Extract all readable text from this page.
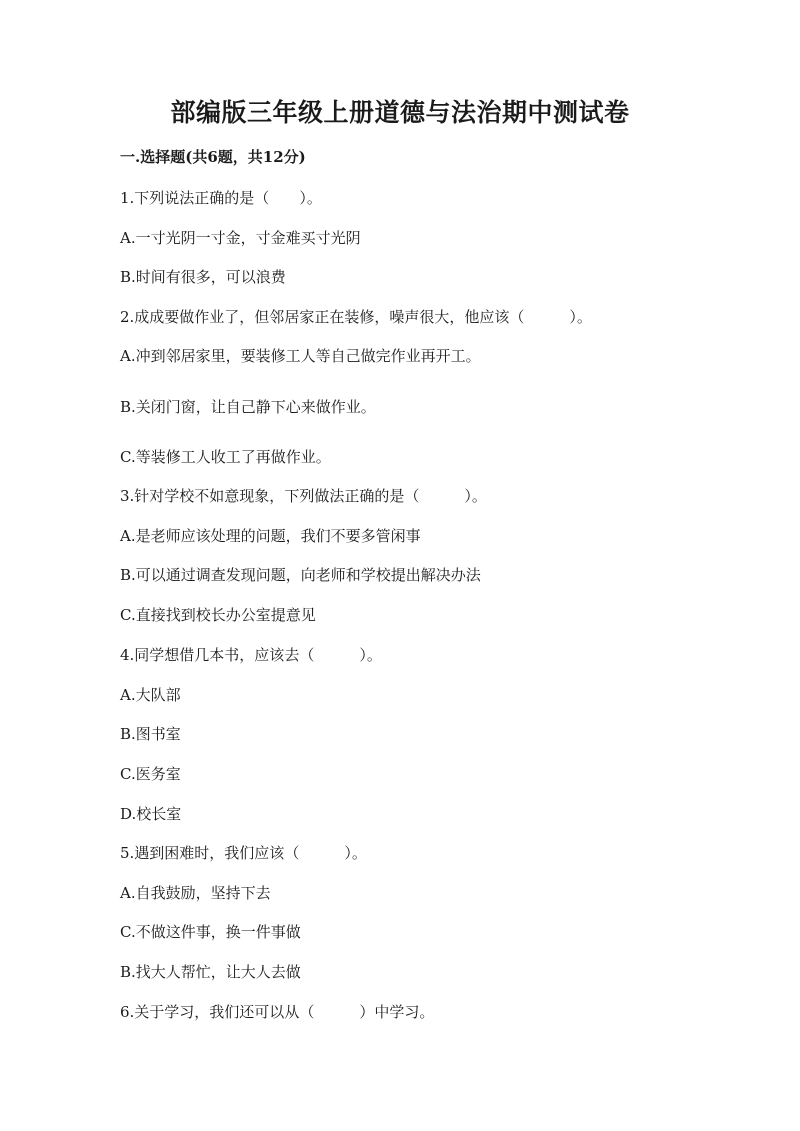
部编版三年级上册道德与法治期中测试卷
一.选择题(共6题，共12分)
1.下列说法正确的是（　　）。
A.一寸光阴一寸金，寸金难买寸光阴
B.时间有很多，可以浪费
2.成成要做作业了，但邻居家正在装修，噪声很大，他应该（　　　）。
A.冲到邻居家里，要装修工人等自己做完作业再开工。
B.关闭门窗，让自己静下心来做作业。
C.等装修工人收工了再做作业。
3.针对学校不如意现象，下列做法正确的是（　　　）。
A.是老师应该处理的问题，我们不要多管闲事
B.可以通过调查发现问题，向老师和学校提出解决办法
C.直接找到校长办公室提意见
4.同学想借几本书，应该去（　　　）。
A.大队部
B.图书室
C.医务室
D.校长室
5.遇到困难时，我们应该（　　　）。
A.自我鼓励，坚持下去
C.不做这件事，换一件事做
B.找大人帮忙，让大人去做
6.关于学习，我们还可以从（　　　）中学习。
